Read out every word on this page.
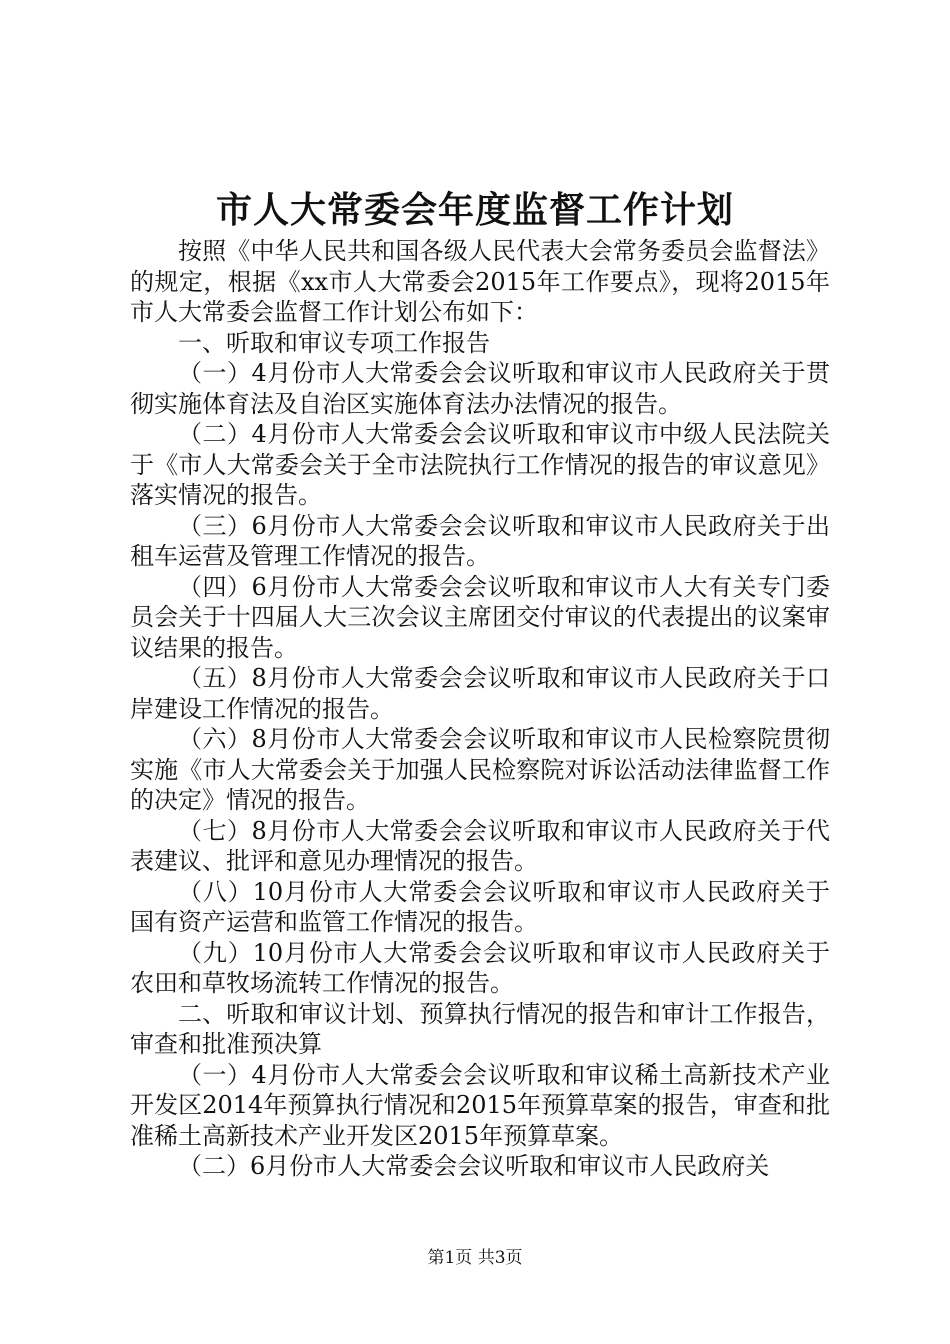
市人大常委会年度监督工作计划

按照《中华人民共和国各级人民代表大会常务委员会监督法》的规定，根据《xx市人大常委会2015年工作要点》，现将2015年市人大常委会监督工作计划公布如下：

一、听取和审议专项工作报告

（一）4月份市人大常委会会议听取和审议市人民政府关于贯彻实施体育法及自治区实施体育法办法情况的报告。

（二）4月份市人大常委会会议听取和审议市中级人民法院关于《市人大常委会关于全市法院执行工作情况的报告的审议意见》落实情况的报告。

（三）6月份市人大常委会会议听取和审议市人民政府关于出租车运营及管理工作情况的报告。

（四）6月份市人大常委会会议听取和审议市人大有关专门委员会关于十四届人大三次会议主席团交付审议的代表提出的议案审议结果的报告。

（五）8月份市人大常委会会议听取和审议市人民政府关于口岸建设工作情况的报告。

（六）8月份市人大常委会会议听取和审议市人民检察院贯彻实施《市人大常委会关于加强人民检察院对诉讼活动法律监督工作的决定》情况的报告。

（七）8月份市人大常委会会议听取和审议市人民政府关于代表建议、批评和意见办理情况的报告。

（八）10月份市人大常委会会议听取和审议市人民政府关于国有资产运营和监管工作情况的报告。

（九）10月份市人大常委会会议听取和审议市人民政府关于农田和草牧场流转工作情况的报告。

二、听取和审议计划、预算执行情况的报告和审计工作报告，审查和批准预决算

（一）4月份市人大常委会会议听取和审议稀土高新技术产业开发区2014年预算执行情况和2015年预算草案的报告，审查和批准稀土高新技术产业开发区2015年预算草案。

（二）6月份市人大常委会会议听取和审议市人民政府关

第1页 共3页
